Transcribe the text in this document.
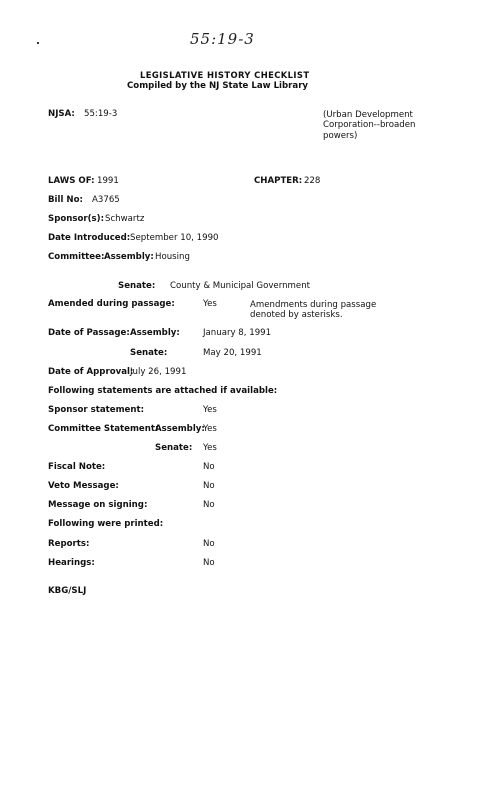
55:19-3
LEGISLATIVE HISTORY CHECKLIST
Compiled by the NJ State Law Library
NJSA: 55:19-3	(Urban Development Corporation--broaden powers)
LAWS OF: 1991	CHAPTER: 228
Bill No: A3765
Sponsor(s): Schwartz
Date Introduced: September 10, 1990
Committee: Assembly: Housing
Senate: County & Municipal Government
Amended during passage:	Yes	Amendments during passage denoted by asterisks.
Date of Passage: Assembly:	January 8, 1991
Senate:	May 20, 1991
Date of Approval:
July 26, 1991
Following statements are attached if available:
Sponsor statement:	Yes
Committee Statement:
Assembly:
Yes
Senate: Yes
Fiscal Note:	No
Veto Message:	No
Message on signing:	No
Following were printed:
Reports:	No
Hearings:	No
KBG/SLJ
